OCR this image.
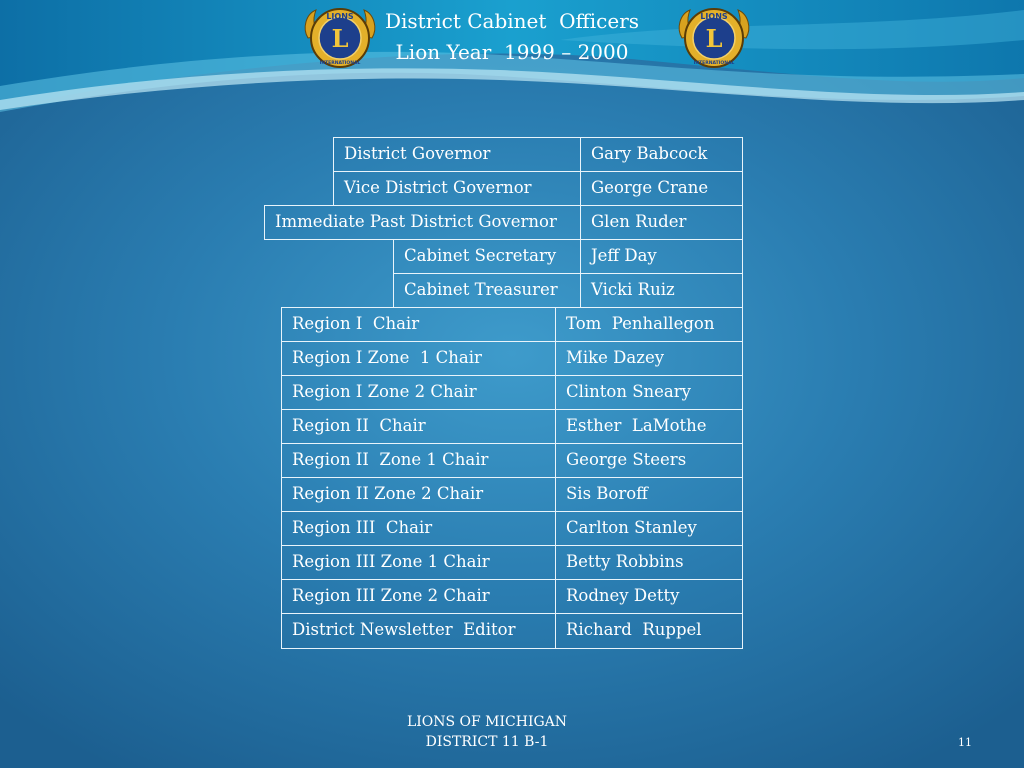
District Cabinet  Officers
Lion Year  1999 – 2000
LIONS
L
INTERNATIONAL
LIONS
L
INTERNATIONAL
District Governor	Gary Babcock
Vice District Governor	George Crane
Immediate Past District Governor	Glen Ruder
Cabinet Secretary	Jeff Day
Cabinet Treasurer	Vicki Ruiz
Region I  Chair	Tom  Penhallegon
Region I Zone  1 Chair	Mike Dazey
Region I Zone 2 Chair	Clinton Sneary
Region II  Chair	Esther  LaMothe
Region II  Zone 1 Chair	George Steers
Region II Zone 2 Chair	Sis Boroff
Region III  Chair	Carlton Stanley
Region III Zone 1 Chair	Betty Robbins
Region III Zone 2 Chair	Rodney Detty
District Newsletter  Editor	Richard  Ruppel
LIONS OF MICHIGAN
DISTRICT 11 B-1	11
